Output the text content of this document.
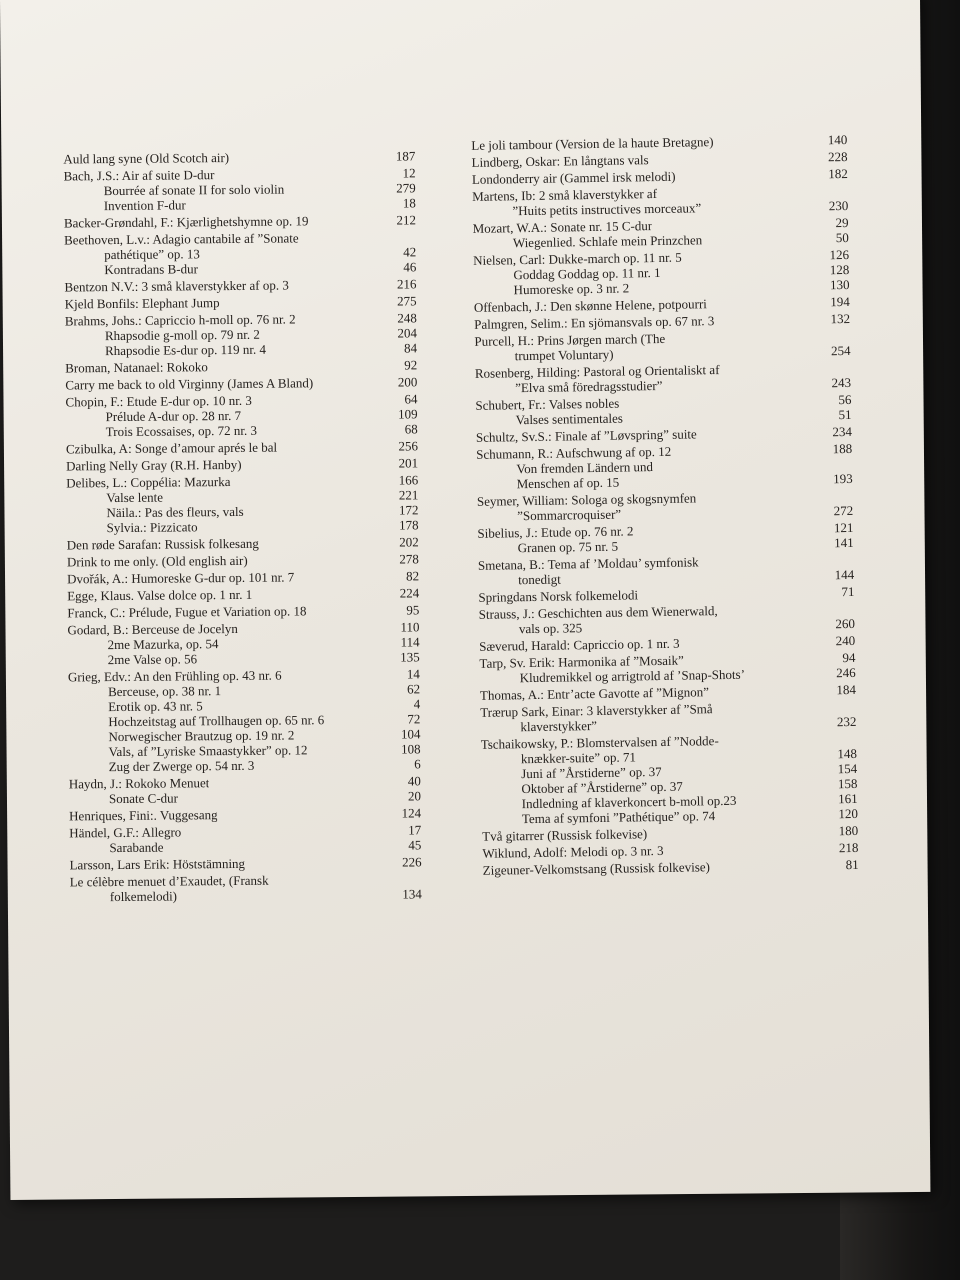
Auld lang syne (Old Scotch air)	187
Bach, J.S.: Air af suite D-dur	12
Bourrée af sonate II for solo violin	279
Invention F-dur	18
Backer-Grøndahl, F.: Kjærlighetshymne op. 19	212
Beethoven, L.v.: Adagio cantabile af ”Sonate
pathétique” op. 13	42
Kontradans B-dur	46
Bentzon N.V.: 3 små klaverstykker af op. 3	216
Kjeld Bonfils: Elephant Jump	275
Brahms, Johs.: Capriccio h-moll op. 76 nr. 2	248
Rhapsodie g-moll op. 79 nr. 2	204
Rhapsodie Es-dur op. 119 nr. 4	84
Broman, Natanael: Rokoko	92
Carry me back to old Virginny (James A Bland)	200
Chopin, F.: Etude E-dur op. 10 nr. 3	64
Prélude A-dur op. 28 nr. 7	109
Trois Ecossaises, op. 72 nr. 3	68
Czibulka, A: Songe d’amour aprés le bal	256
Darling Nelly Gray (R.H. Hanby)	201
Delibes, L.: Coppélia: Mazurka	166
Valse lente	221
Näila.: Pas des fleurs, vals	172
Sylvia.: Pizzicato	178
Den røde Sarafan: Russisk folkesang	202
Drink to me only. (Old english air)	278
Dvořák, A.: Humoreske G-dur op. 101 nr. 7	82
Egge, Klaus. Valse dolce op. 1 nr. 1	224
Franck, C.: Prélude, Fugue et Variation op. 18	95
Godard, B.: Berceuse de Jocelyn	110
2me Mazurka, op. 54	114
2me Valse op. 56	135
Grieg, Edv.: An den Frühling op. 43 nr. 6	14
Berceuse, op. 38 nr. 1	62
Erotik op. 43 nr. 5	4
Hochzeitstag auf Trollhaugen op. 65 nr. 6	72
Norwegischer Brautzug op. 19 nr. 2	104
Vals, af ”Lyriske Smaastykker” op. 12	108
Zug der Zwerge op. 54 nr. 3	6
Haydn, J.: Rokoko Menuet	40
Sonate C-dur	20
Henriques, Fini:. Vuggesang	124
Händel, G.F.: Allegro	17
Sarabande	45
Larsson, Lars Erik: Höststämning	226
Le célèbre menuet d’Exaudet, (Fransk
folkemelodi)	134
Le joli tambour (Version de la haute Bretagne)	140
Lindberg, Oskar: En långtans vals	228
Londonderry air (Gammel irsk melodi)	182
Martens, Ib: 2 små klaverstykker af
”Huits petits instructives morceaux”	230
Mozart, W.A.: Sonate nr. 15 C-dur	29
Wiegenlied. Schlafe mein Prinzchen	50
Nielsen, Carl: Dukke-march op. 11 nr. 5	126
Goddag Goddag op. 11 nr. 1	128
Humoreske op. 3 nr. 2	130
Offenbach, J.: Den skønne Helene, potpourri	194
Palmgren, Selim.: En sjömansvals op. 67 nr. 3	132
Purcell, H.: Prins Jørgen march (The
trumpet Voluntary)	254
Rosenberg, Hilding: Pastoral og Orientaliskt af
”Elva små föredragsstudier”	243
Schubert, Fr.: Valses nobles	56
Valses sentimentales	51
Schultz, Sv.S.: Finale af ”Løvspring” suite	234
Schumann, R.: Aufschwung af op. 12	188
Von fremden Ländern und
Menschen af op. 15	193
Seymer, William: Sologa og skogsnymfen
”Sommarcroquiser”	272
Sibelius, J.: Etude op. 76 nr. 2	121
Granen op. 75 nr. 5	141
Smetana, B.: Tema af ’Moldau’ symfonisk
tonedigt	144
Springdans Norsk folkemelodi	71
Strauss, J.: Geschichten aus dem Wienerwald,
vals op. 325	260
Sæverud, Harald: Capriccio op. 1 nr. 3	240
Tarp, Sv. Erik: Harmonika af ”Mosaik”	94
Kludremikkel og arrigtrold af ’Snap-Shots’	246
Thomas, A.: Entr’acte Gavotte af ”Mignon”	184
Trærup Sark, Einar: 3 klaverstykker af ”Små
klaverstykker”	232
Tschaikowsky, P.: Blomstervalsen af ”Nodde-
knækker-suite” op. 71	148
Juni af ”Årstiderne” op. 37	154
Oktober af ”Årstiderne” op. 37	158
Indledning af klaverkoncert b-moll op.23	161
Tema af symfoni ”Pathétique” op. 74	120
Två gitarrer (Russisk folkevise)	180
Wiklund, Adolf: Melodi op. 3 nr. 3	218
Zigeuner-Velkomstsang (Russisk folkevise)	81
